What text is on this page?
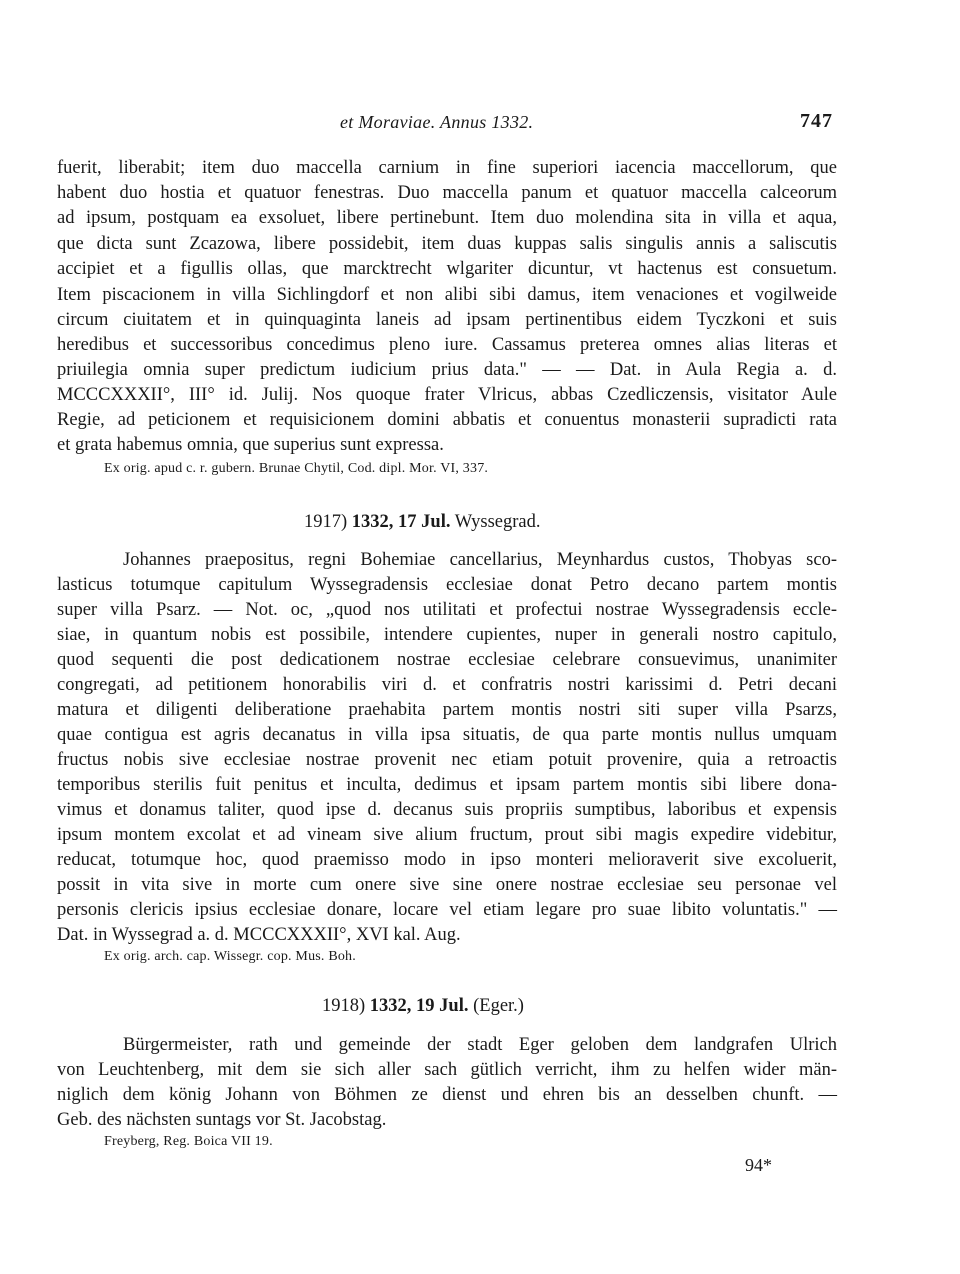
et Moraviae. Annus 1332.	747
fuerit, liberabit; item duo maccella carnium in fine superiori iacencia maccellorum, que
habent duo hostia et quatuor fenestras. Duo maccella panum et quatuor maccella calceorum
ad ipsum, postquam ea exsoluet, libere pertinebunt. Item duo molendina sita in villa et aqua,
que dicta sunt Zcazowa, libere possidebit, item duas kuppas salis singulis annis a saliscutis
accipiet et a figullis ollas, que marcktrecht wlgariter dicuntur, vt hactenus est consuetum.
Item piscacionem in villa Sichlingdorf et non alibi sibi damus, item venaciones et vogilweide
circum ciuitatem et in quinquaginta laneis ad ipsam pertinentibus eidem Tyczkoni et suis
heredibus et successoribus concedimus pleno iure. Cassamus preterea omnes alias literas et
priuilegia omnia super predictum iudicium prius data." — — Dat. in Aula Regia a. d.
MCCCXXXII°, III° id. Julij. Nos quoque frater Vlricus, abbas Czedliczensis, visitator Aule
Regie, ad peticionem et requisicionem domini abbatis et conuentus monasterii supradicti rata
et grata habemus omnia, que superius sunt expressa.
Ex orig. apud c. r. gubern. Brunae Chytil, Cod. dipl. Mor. VI, 337.
1917) 1332, 17 Jul. Wyssegrad.
Johannes praepositus, regni Bohemiae cancellarius, Meynhardus custos, Thobyas sco-
lasticus totumque capitulum Wyssegradensis ecclesiae donat Petro decano partem montis
super villa Psarz. — Not. oc, „quod nos utilitati et profectui nostrae Wyssegradensis eccle-
siae, in quantum nobis est possibile, intendere cupientes, nuper in generali nostro capitulo,
quod sequenti die post dedicationem nostrae ecclesiae celebrare consuevimus, unanimiter
congregati, ad petitionem honorabilis viri d. et confratris nostri karissimi d. Petri decani
matura et diligenti deliberatione praehabita partem montis nostri siti super villa Psarzs,
quae contigua est agris decanatus in villa ipsa situatis, de qua parte montis nullus umquam
fructus nobis sive ecclesiae nostrae provenit nec etiam potuit provenire, quia a retroactis
temporibus sterilis fuit penitus et inculta, dedimus et ipsam partem montis sibi libere dona-
vimus et donamus taliter, quod ipse d. decanus suis propriis sumptibus, laboribus et expensis
ipsum montem excolat et ad vineam sive alium fructum, prout sibi magis expedire videbitur,
reducat, totumque hoc, quod praemisso modo in ipso monteri melioraverit sive excoluerit,
possit in vita sive in morte cum onere sive sine onere nostrae ecclesiae seu personae vel
personis clericis ipsius ecclesiae donare, locare vel etiam legare pro suae libito voluntatis." —
Dat. in Wyssegrad a. d. MCCCXXXII°, XVI kal. Aug.
Ex orig. arch. cap. Wissegr. cop. Mus. Boh.
1918) 1332, 19 Jul. (Eger.)
Bürgermeister, rath und gemeinde der stadt Eger geloben dem landgrafen Ulrich
von Leuchtenberg, mit dem sie sich aller sach gütlich verricht, ihm zu helfen wider män-
niglich dem könig Johann von Böhmen ze dienst und ehren bis an desselben chunft. —
Geb. des nächsten suntags vor St. Jacobstag.
Freyberg, Reg. Boica VII 19.
94*
